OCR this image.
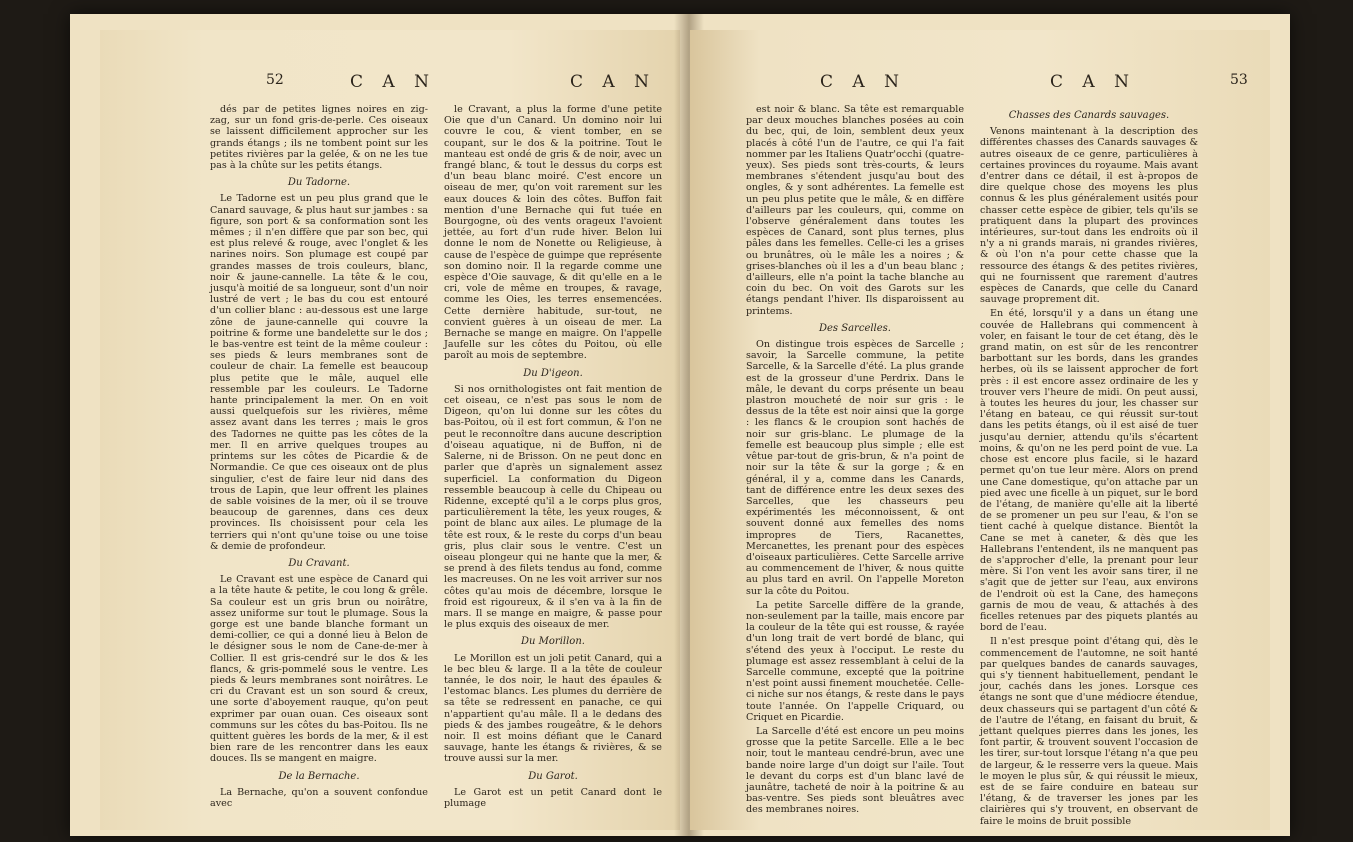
52	C A N	C A N

dés par de petites lignes noires en zig-zag, sur un fond gris-de-perle. Ces oiseaux se laissent difficilement approcher sur les grands étangs ; ils ne tombent point sur les petites rivières par la gelée, & on ne les tue pas à la chûte sur les petits étangs.

Du Tadorne.

Le Tadorne est un peu plus grand que le Canard sauvage, & plus haut sur jambes : sa figure, son port & sa conformation sont les mêmes ; il n'en diffère que par son bec, qui est plus relevé & rouge, avec l'onglet & les narines noirs. Son plumage est coupé par grandes masses de trois couleurs, blanc, noir & jaune-cannelle. La tête & le cou, jusqu'à moitié de sa longueur, sont d'un noir lustré de vert ; le bas du cou est entouré d'un collier blanc : au-dessous est une large zône de jaune-cannelle qui couvre la poitrine & forme une bandelette sur le dos ; le bas-ventre est teint de la même couleur : ses pieds & leurs membranes sont de couleur de chair. La femelle est beaucoup plus petite que le mâle, auquel elle ressemble par les couleurs. Le Tadorne hante principalement la mer. On en voit aussi quelquefois sur les rivières, même assez avant dans les terres ; mais le gros des Tadornes ne quitte pas les côtes de la mer. Il en arrive quelques troupes au printems sur les côtes de Picardie & de Normandie. Ce que ces oiseaux ont de plus singulier, c'est de faire leur nid dans des trous de Lapin, que leur offrent les plaines de sable voisines de la mer, où il se trouve beaucoup de garennes, dans ces deux provinces. Ils choisissent pour cela les terriers qui n'ont qu'une toise ou une toise & demie de profondeur.

Du Cravant.

Le Cravant est une espèce de Canard qui a la tête haute & petite, le cou long & grêle. Sa couleur est un gris brun ou noirâtre, assez uniforme sur tout le plumage. Sous la gorge est une bande blanche formant un demi-collier, ce qui a donné lieu à Belon de le désigner sous le nom de Cane-de-mer à Collier. Il est gris-cendré sur le dos & les flancs, & gris-pommelé sous le ventre. Les pieds & leurs membranes sont noirâtres. Le cri du Cravant est un son sourd & creux, une sorte d'aboyement rauque, qu'on peut exprimer par ouan ouan. Ces oiseaux sont communs sur les côtes du bas-Poitou. Ils ne quittent guères les bords de la mer, & il est bien rare de les rencontrer dans les eaux douces. Ils se mangent en maigre.

De la Bernache.

La Bernache, qu'on a souvent confondue avec

le Cravant, a plus la forme d'une petite Oie que d'un Canard. Un domino noir lui couvre le cou, & vient tomber, en se coupant, sur le dos & la poitrine. Tout le manteau est ondé de gris & de noir, avec un frangé blanc, & tout le dessus du corps est d'un beau blanc moiré. C'est encore un oiseau de mer, qu'on voit rarement sur les eaux douces & loin des côtes. Buffon fait mention d'une Bernache qui fut tuée en Bourgogne, où des vents orageux l'avoient jettée, au fort d'un rude hiver. Belon lui donne le nom de Nonette ou Religieuse, à cause de l'espèce de guimpe que représente son domino noir. Il la regarde comme une espèce d'Oie sauvage, & dit qu'elle en a le cri, vole de même en troupes, & ravage, comme les Oies, les terres ensemencées. Cette dernière habitude, sur-tout, ne convient guères à un oiseau de mer. La Bernache se mange en maigre. On l'appelle Jaufelle sur les côtes du Poitou, où elle paroît au mois de septembre.

Du D'igeon.

Si nos ornithologistes ont fait mention de cet oiseau, ce n'est pas sous le nom de Digeon, qu'on lui donne sur les côtes du bas-Poitou, où il est fort commun, & l'on ne peut le reconnoître dans aucune description d'oiseau aquatique, ni de Buffon, ni de Salerne, ni de Brisson. On ne peut donc en parler que d'après un signalement assez superficiel. La conformation du Digeon ressemble beaucoup à celle du Chipeau ou Ridenne, excepté qu'il a le corps plus gros, particulièrement la tête, les yeux rouges, & point de blanc aux ailes. Le plumage de la tête est roux, & le reste du corps d'un beau gris, plus clair sous le ventre. C'est un oiseau plongeur qui ne hante que la mer, & se prend à des filets tendus au fond, comme les macreuses. On ne les voit arriver sur nos côtes qu'au mois de décembre, lorsque le froid est rigoureux, & il s'en va à la fin de mars. Il se mange en maigre, & passe pour le plus exquis des oiseaux de mer.

Du Morillon.

Le Morillon est un joli petit Canard, qui a le bec bleu & large. Il a la tête de couleur tannée, le dos noir, le haut des épaules & l'estomac blancs. Les plumes du derrière de sa tête se redressent en panache, ce qui n'appartient qu'au mâle. Il a le dedans des pieds & des jambes rougeâtre, & le dehors noir. Il est moins défiant que le Canard sauvage, hante les étangs & rivières, & se trouve aussi sur la mer.

Du Garot.

Le Garot est un petit Canard dont le plumage

C A N	C A N	53

est noir & blanc. Sa tête est remarquable par deux mouches blanches posées au coin du bec, qui, de loin, semblent deux yeux placés à côté l'un de l'autre, ce qui l'a fait nommer par les Italiens Quatr'occhi (quatre-yeux). Ses pieds sont très-courts, & leurs membranes s'étendent jusqu'au bout des ongles, & y sont adhérentes. La femelle est un peu plus petite que le mâle, & en diffère d'ailleurs par les couleurs, qui, comme on l'observe généralement dans toutes les espèces de Canard, sont plus ternes, plus pâles dans les femelles. Celle-ci les a grises ou brunâtres, où le mâle les a noires ; & grises-blanches où il les a d'un beau blanc ; d'ailleurs, elle n'a point la tache blanche au coin du bec. On voit des Garots sur les étangs pendant l'hiver. Ils disparoissent au printems.

Des Sarcelles.

On distingue trois espèces de Sarcelle ; savoir, la Sarcelle commune, la petite Sarcelle, & la Sarcelle d'été. La plus grande est de la grosseur d'une Perdrix. Dans le mâle, le devant du corps présente un beau plastron moucheté de noir sur gris : le dessus de la tête est noir ainsi que la gorge : les flancs & le croupion sont hachés de noir sur gris-blanc. Le plumage de la femelle est beaucoup plus simple ; elle est vêtue par-tout de gris-brun, & n'a point de noir sur la tête & sur la gorge ; & en général, il y a, comme dans les Canards, tant de différence entre les deux sexes des Sarcelles, que les chasseurs peu expérimentés les méconnoissent, & ont souvent donné aux femelles des noms impropres de Tiers, Racanettes, Mercanettes, les prenant pour des espèces d'oiseaux particulières. Cette Sarcelle arrive au commencement de l'hiver, & nous quitte au plus tard en avril. On l'appelle Moreton sur la côte du Poitou.

La petite Sarcelle diffère de la grande, non-seulement par la taille, mais encore par la couleur de la tête qui est rousse, & rayée d'un long trait de vert bordé de blanc, qui s'étend des yeux à l'occiput. Le reste du plumage est assez ressemblant à celui de la Sarcelle commune, excepté que la poitrine n'est point aussi finement mouchetée. Celle-ci niche sur nos étangs, & reste dans le pays toute l'année. On l'appelle Criquard, ou Criquet en Picardie.

La Sarcelle d'été est encore un peu moins grosse que la petite Sarcelle. Elle a le bec noir, tout le manteau cendré-brun, avec une bande noire large d'un doigt sur l'aile. Tout le devant du corps est d'un blanc lavé de jaunâtre, tacheté de noir à la poitrine & au bas-ventre. Ses pieds sont bleuâtres avec des membranes noires.

Chasses des Canards sauvages.

Venons maintenant à la description des différentes chasses des Canards sauvages & autres oiseaux de ce genre, particulières à certaines provinces du royaume. Mais avant d'entrer dans ce détail, il est à-propos de dire quelque chose des moyens les plus connus & les plus généralement usités pour chasser cette espèce de gibier, tels qu'ils se pratiquent dans la plupart des provinces intérieures, sur-tout dans les endroits où il n'y a ni grands marais, ni grandes rivières, & où l'on n'a pour cette chasse que la ressource des étangs & des petites rivières, qui ne fournissent que rarement d'autres espèces de Canards, que celle du Canard sauvage proprement dit.

En été, lorsqu'il y a dans un étang une couvée de Hallebrans qui commencent à voler, en faisant le tour de cet étang, dès le grand matin, on est sûr de les rencontrer barbottant sur les bords, dans les grandes herbes, où ils se laissent approcher de fort près : il est encore assez ordinaire de les y trouver vers l'heure de midi. On peut aussi, à toutes les heures du jour, les chasser sur l'étang en bateau, ce qui réussit sur-tout dans les petits étangs, où il est aisé de tuer jusqu'au dernier, attendu qu'ils s'écartent moins, & qu'on ne les perd point de vue. La chose est encore plus facile, si le hazard permet qu'on tue leur mère. Alors on prend une Cane domestique, qu'on attache par un pied avec une ficelle à un piquet, sur le bord de l'étang, de manière qu'elle ait la liberté de se promener un peu sur l'eau, & l'on se tient caché à quelque distance. Bientôt la Cane se met à caneter, & dès que les Hallebrans l'entendent, ils ne manquent pas de s'approcher d'elle, la prenant pour leur mère. Si l'on vent les avoir sans tirer, il ne s'agit que de jetter sur l'eau, aux environs de l'endroit où est la Cane, des hameçons garnis de mou de veau, & attachés à des ficelles retenues par des piquets plantés au bord de l'eau.

Il n'est presque point d'étang qui, dès le commencement de l'automne, ne soit hanté par quelques bandes de canards sauvages, qui s'y tiennent habituellement, pendant le jour, cachés dans les jones. Lorsque ces étangs ne sont que d'une médiocre étendue, deux chasseurs qui se partagent d'un côté & de l'autre de l'étang, en faisant du bruit, & jettant quelques pierres dans les jones, les font partir, & trouvent souvent l'occasion de les tirer, sur-tout lorsque l'étang n'a que peu de largeur, & le resserre vers la queue. Mais le moyen le plus sûr, & qui réussit le mieux, est de se faire conduire en bateau sur l'étang, & de traverser les jones par les clairières qui s'y trouvent, en observant de faire le moins de bruit possible
